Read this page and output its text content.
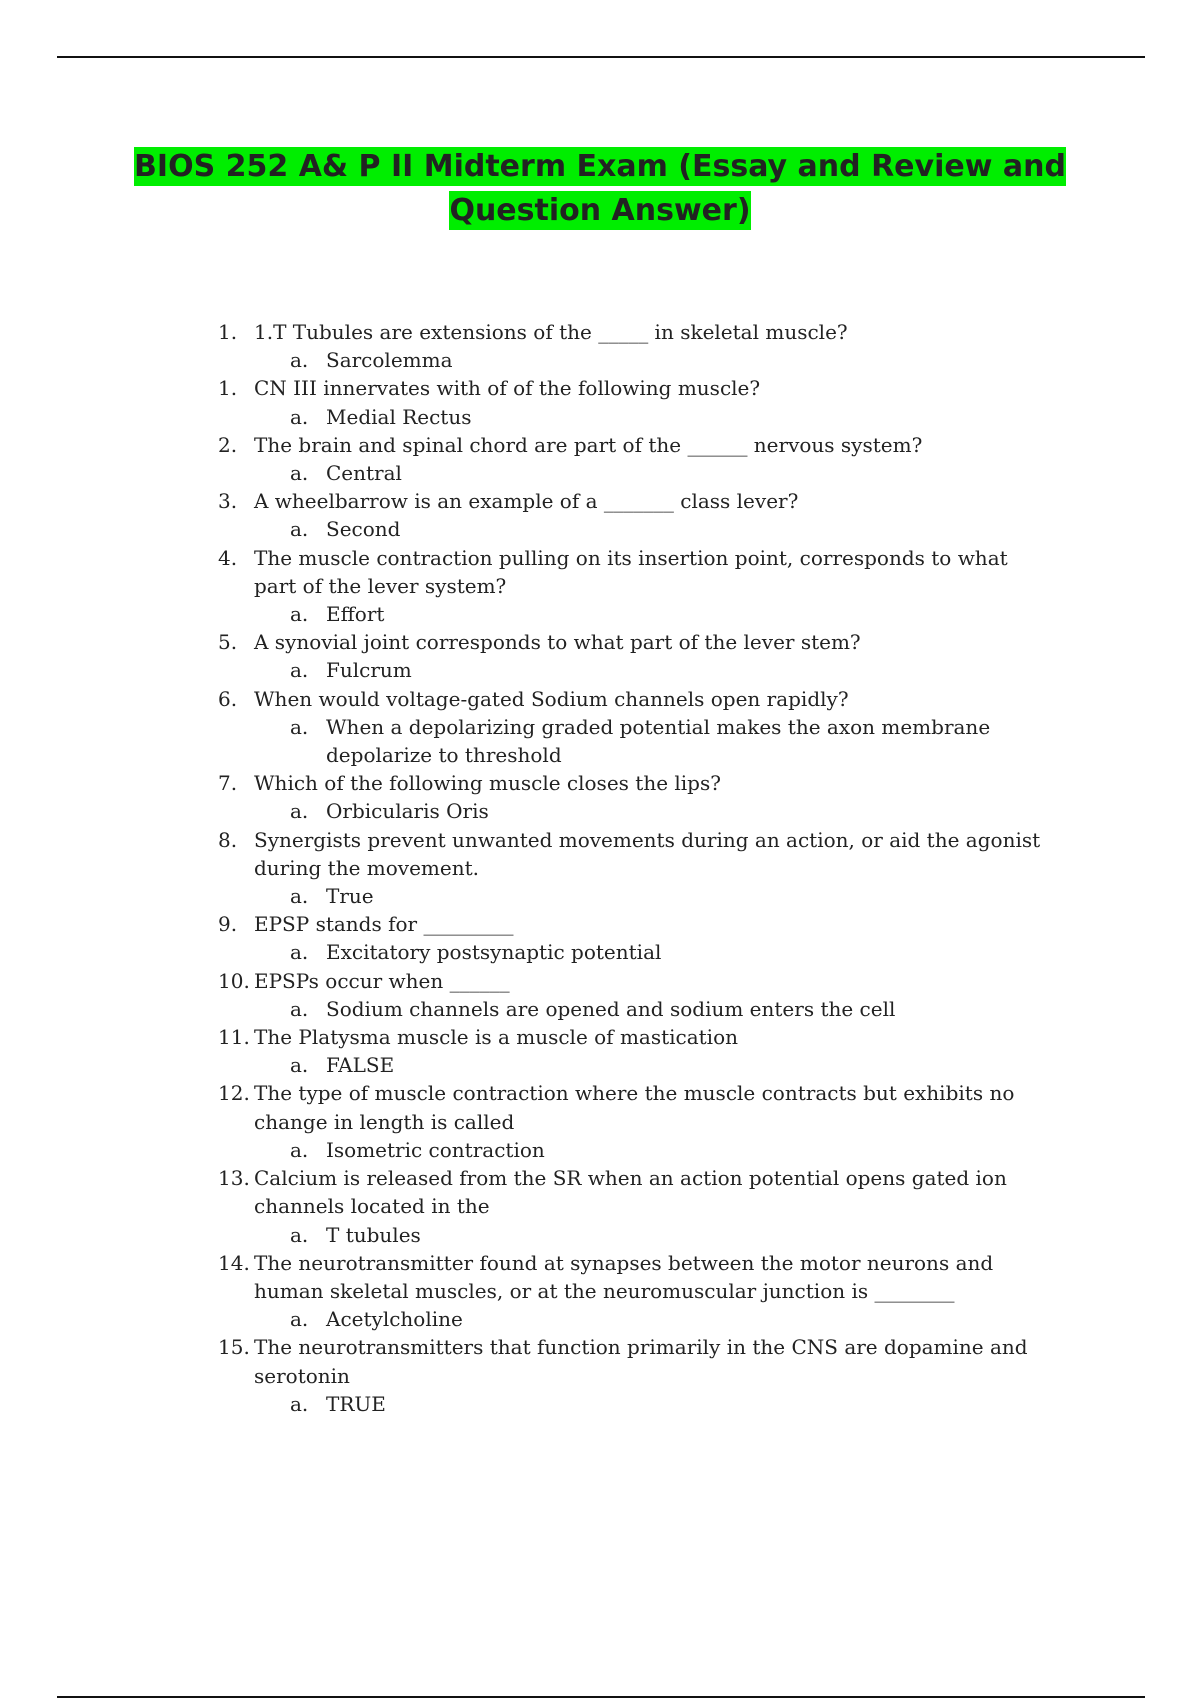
BIOS 252 A& P II Midterm Exam (Essay and Review and
Question Answer)
1. 1.T Tubules are extensions of the _____ in skeletal muscle?
a. Sarcolemma
1. CN III innervates with of of the following muscle?
a. Medial Rectus
2. The brain and spinal chord are part of the ______ nervous system?
a. Central
3. A wheelbarrow is an example of a _______ class lever?
a. Second
4. The muscle contraction pulling on its insertion point, corresponds to what part of the lever system?
a. Effort
5. A synovial joint corresponds to what part of the lever stem?
a. Fulcrum
6. When would voltage-gated Sodium channels open rapidly?
a. When a depolarizing graded potential makes the axon membrane depolarize to threshold
7. Which of the following muscle closes the lips?
a. Orbicularis Oris
8. Synergists prevent unwanted movements during an action, or aid the agonist during the movement.
a. True
9. EPSP stands for _________
a. Excitatory postsynaptic potential
10. EPSPs occur when ______
a. Sodium channels are opened and sodium enters the cell
11. The Platysma muscle is a muscle of mastication
a. FALSE
12. The type of muscle contraction where the muscle contracts but exhibits no change in length is called
a. Isometric contraction
13. Calcium is released from the SR when an action potential opens gated ion channels located in the
a. T tubules
14. The neurotransmitter found at synapses between the motor neurons and human skeletal muscles, or at the neuromuscular junction is ________
a. Acetylcholine
15. The neurotransmitters that function primarily in the CNS are dopamine and serotonin
a. TRUE
